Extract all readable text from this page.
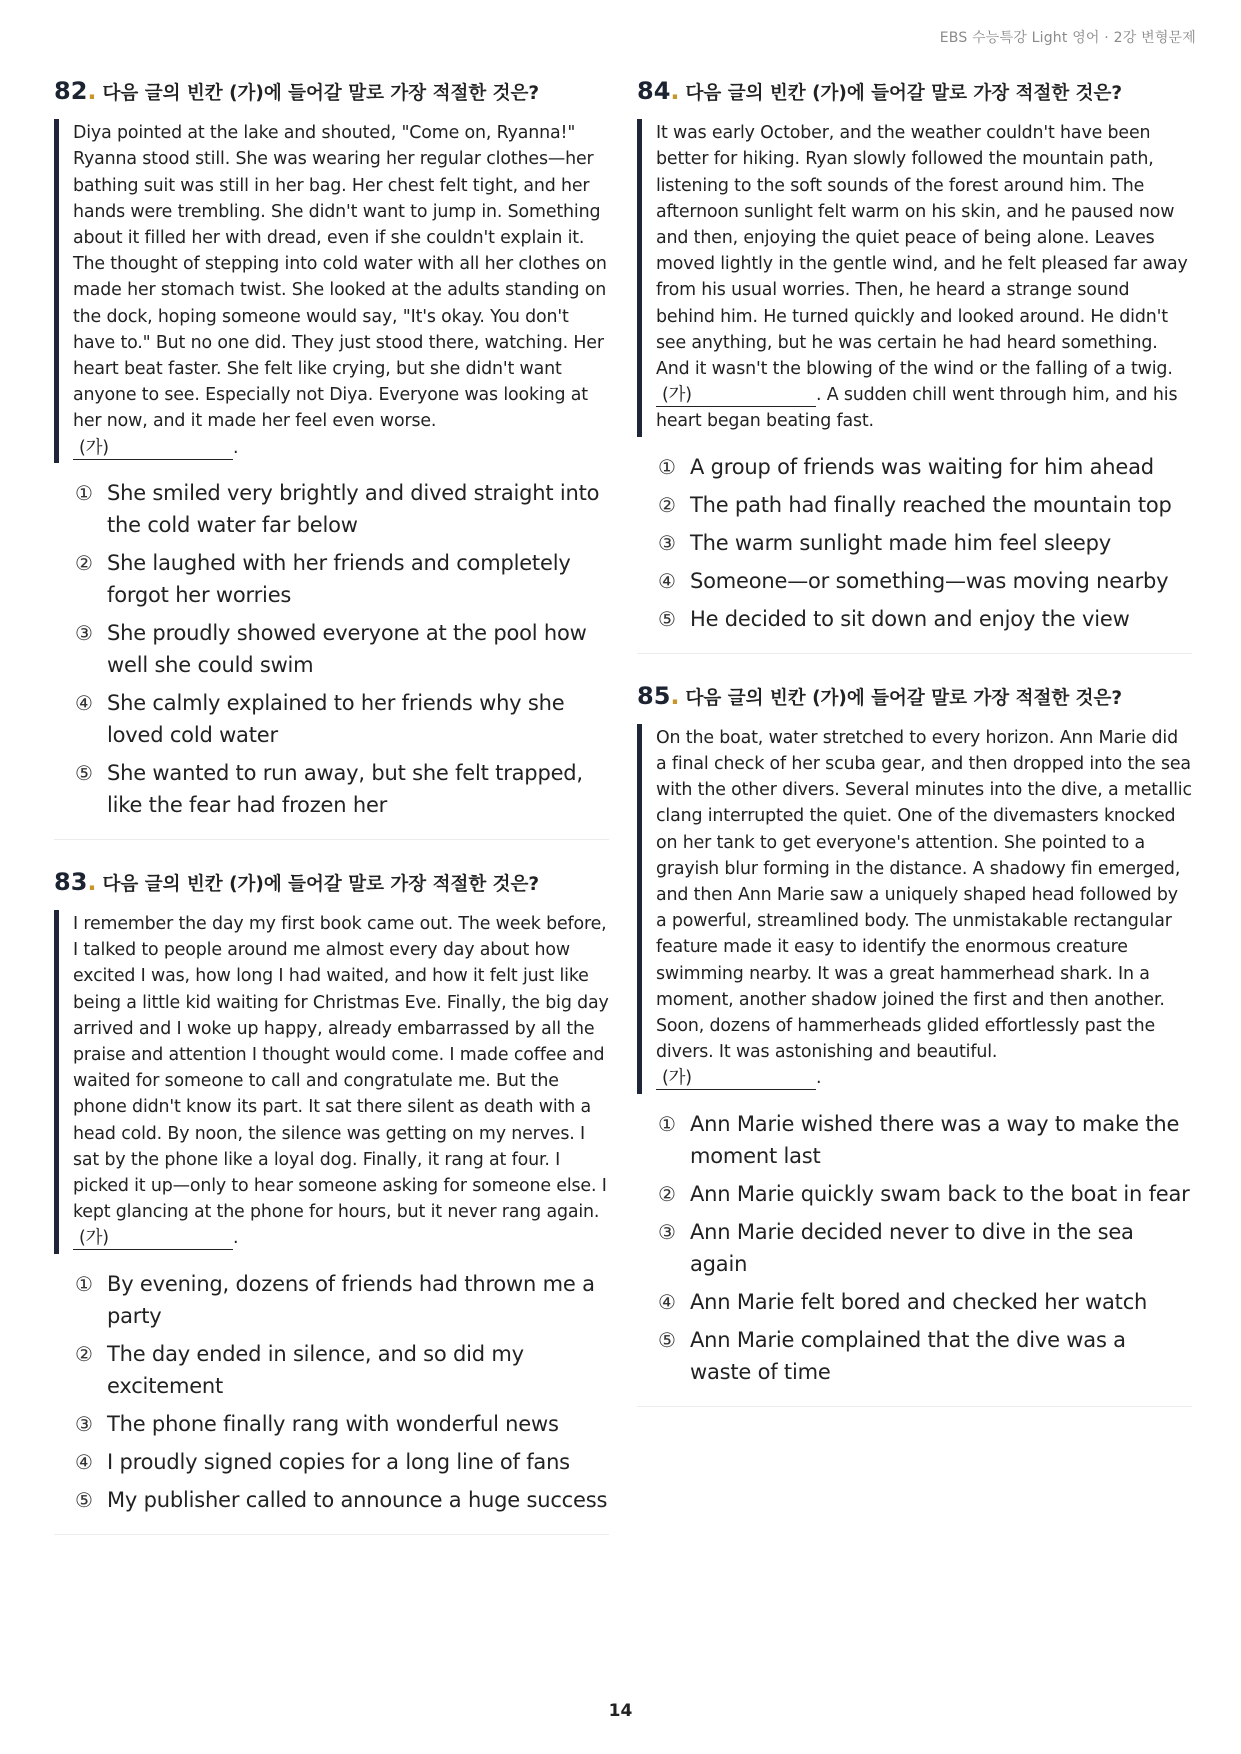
EBS 수능특강 Light 영어 · 2강 변형문제
82. 다음 글의 빈칸 (가)에 들어갈 말로 가장 적절한 것은?
Diya pointed at the lake and shouted, "Come on, Ryanna!" Ryanna stood still. She was wearing her regular clothes—her bathing suit was still in her bag. Her chest felt tight, and her hands were trembling. She didn't want to jump in. Something about it filled her with dread, even if she couldn't explain it. The thought of stepping into cold water with all her clothes on made her stomach twist. She looked at the adults standing on the dock, hoping someone would say, "It's okay. You don't have to." But no one did. They just stood there, watching. Her heart beat faster. She felt like crying, but she didn't want anyone to see. Especially not Diya. Everyone was looking at her now, and it made her feel even worse.
(가)	.
① She smiled very brightly and dived straight into the cold water far below
② She laughed with her friends and completely forgot her worries
③ She proudly showed everyone at the pool how well she could swim
④ She calmly explained to her friends why she loved cold water
⑤ She wanted to run away, but she felt trapped, like the fear had frozen her
83. 다음 글의 빈칸 (가)에 들어갈 말로 가장 적절한 것은?
I remember the day my first book came out. The week before, I talked to people around me almost every day about how excited I was, how long I had waited, and how it felt just like being a little kid waiting for Christmas Eve. Finally, the big day arrived and I woke up happy, already embarrassed by all the praise and attention I thought would come. I made coffee and waited for someone to call and congratulate me. But the phone didn't know its part. It sat there silent as death with a head cold. By noon, the silence was getting on my nerves. I sat by the phone like a loyal dog. Finally, it rang at four. I picked it up—only to hear someone asking for someone else. I kept glancing at the phone for hours, but it never rang again. (가)	.
① By evening, dozens of friends had thrown me a party
② The day ended in silence, and so did my excitement
③ The phone finally rang with wonderful news
④ I proudly signed copies for a long line of fans
⑤ My publisher called to announce a huge success
84. 다음 글의 빈칸 (가)에 들어갈 말로 가장 적절한 것은?
It was early October, and the weather couldn't have been better for hiking. Ryan slowly followed the mountain path, listening to the soft sounds of the forest around him. The afternoon sunlight felt warm on his skin, and he paused now and then, enjoying the quiet peace of being alone. Leaves moved lightly in the gentle wind, and he felt pleased far away from his usual worries. Then, he heard a strange sound behind him. He turned quickly and looked around. He didn't see anything, but he was certain he had heard something. And it wasn't the blowing of the wind or the falling of a twig. (가)	. A sudden chill went through him, and his heart began beating fast.
① A group of friends was waiting for him ahead
② The path had finally reached the mountain top
③ The warm sunlight made him feel sleepy
④ Someone—or something—was moving nearby
⑤ He decided to sit down and enjoy the view
85. 다음 글의 빈칸 (가)에 들어갈 말로 가장 적절한 것은?
On the boat, water stretched to every horizon. Ann Marie did a final check of her scuba gear, and then dropped into the sea with the other divers. Several minutes into the dive, a metallic clang interrupted the quiet. One of the divemasters knocked on her tank to get everyone's attention. She pointed to a grayish blur forming in the distance. A shadowy fin emerged, and then Ann Marie saw a uniquely shaped head followed by a powerful, streamlined body. The unmistakable rectangular feature made it easy to identify the enormous creature swimming nearby. It was a great hammerhead shark. In a moment, another shadow joined the first and then another. Soon, dozens of hammerheads glided effortlessly past the divers. It was astonishing and beautiful.
(가)	.
① Ann Marie wished there was a way to make the moment last
② Ann Marie quickly swam back to the boat in fear
③ Ann Marie decided never to dive in the sea again
④ Ann Marie felt bored and checked her watch
⑤ Ann Marie complained that the dive was a waste of time
14
